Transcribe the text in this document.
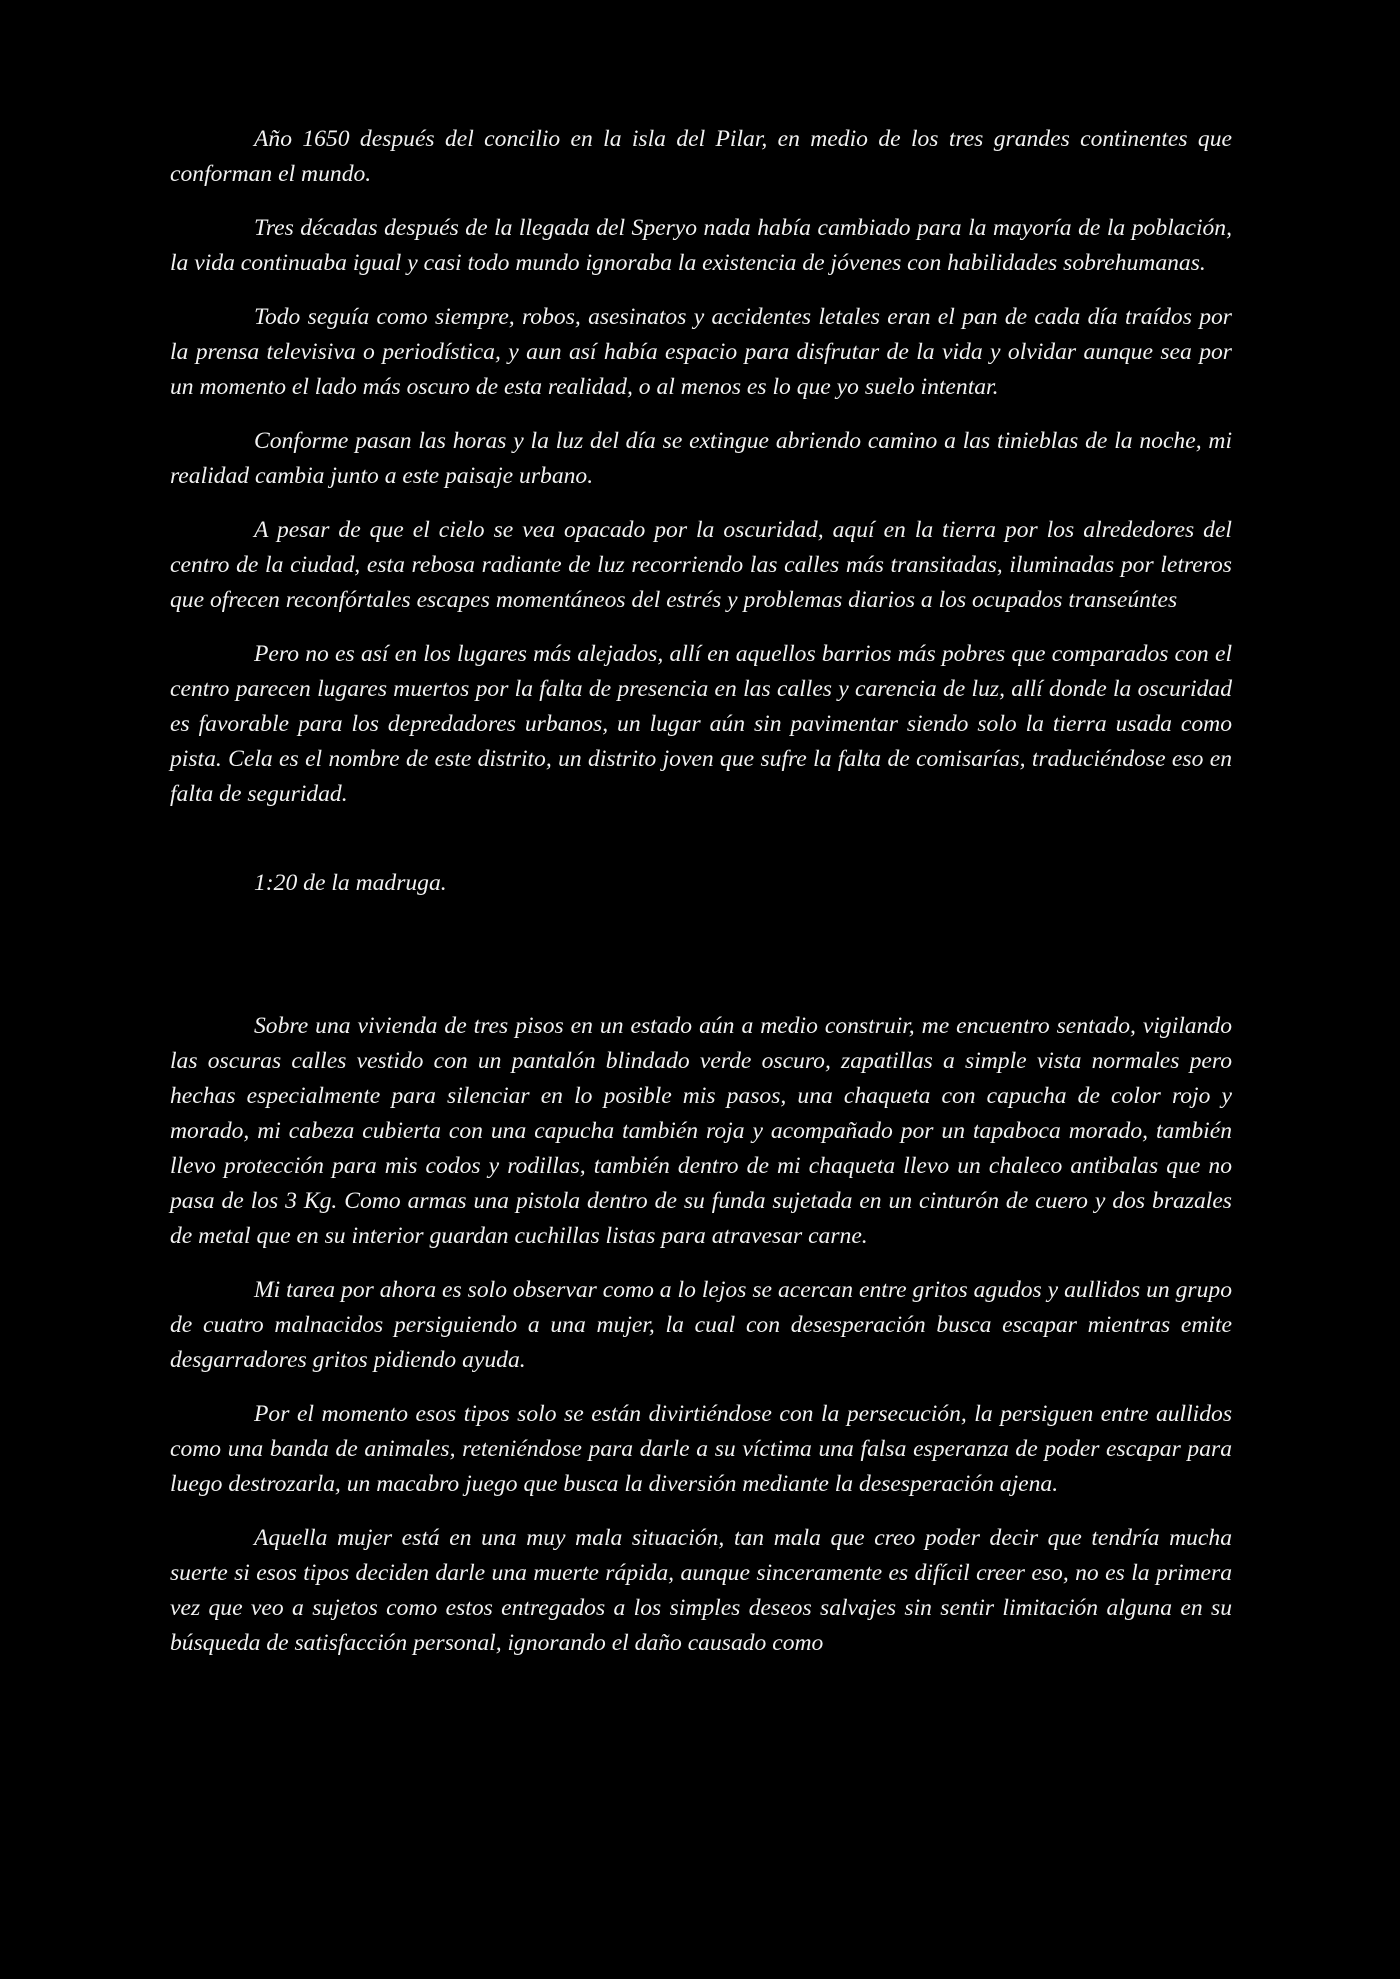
Año 1650 después del concilio en la isla del Pilar, en medio de los tres grandes continentes que conforman el mundo.

Tres décadas después de la llegada del Speryo nada había cambiado para la mayoría de la población, la vida continuaba igual y casi todo mundo ignoraba la existencia de jóvenes con habilidades sobrehumanas.

Todo seguía como siempre, robos, asesinatos y accidentes letales eran el pan de cada día traídos por la prensa televisiva o periodística, y aun así había espacio para disfrutar de la vida y olvidar aunque sea por un momento el lado más oscuro de esta realidad, o al menos es lo que yo suelo intentar.

Conforme pasan las horas y la luz del día se extingue abriendo camino a las tinieblas de la noche, mi realidad cambia junto a este paisaje urbano.

A pesar de que el cielo se vea opacado por la oscuridad, aquí en la tierra por los alrededores del centro de la ciudad, esta rebosa radiante de luz recorriendo las calles más transitadas, iluminadas por letreros que ofrecen reconfórtales escapes momentáneos del estrés y problemas diarios a los ocupados transeúntes

Pero no es así en los lugares más alejados, allí en aquellos barrios más pobres que comparados con el centro parecen lugares muertos por la falta de presencia en las calles y carencia de luz, allí donde la oscuridad es favorable para los depredadores urbanos, un lugar aún sin pavimentar siendo solo la tierra usada como pista. Cela es el nombre de este distrito, un distrito joven que sufre la falta de comisarías, traduciéndose eso en falta de seguridad.

1:20 de la madruga.

Sobre una vivienda de tres pisos en un estado aún a medio construir, me encuentro sentado, vigilando las oscuras calles vestido con un pantalón blindado verde oscuro, zapatillas a simple vista normales pero hechas especialmente para silenciar en lo posible mis pasos, una chaqueta con capucha de color rojo y morado, mi cabeza cubierta con una capucha también roja y acompañado por un tapaboca morado, también llevo protección para mis codos y rodillas, también dentro de mi chaqueta llevo un chaleco antibalas que no pasa de los 3 Kg. Como armas una pistola dentro de su funda sujetada en un cinturón de cuero y dos brazales de metal que en su interior guardan cuchillas listas para atravesar carne.

Mi tarea por ahora es solo observar como a lo lejos se acercan entre gritos agudos y aullidos un grupo de cuatro malnacidos persiguiendo a una mujer, la cual con desesperación busca escapar mientras emite desgarradores gritos pidiendo ayuda.

Por el momento esos tipos solo se están divirtiéndose con la persecución, la persiguen entre aullidos como una banda de animales, reteniéndose para darle a su víctima una falsa esperanza de poder escapar para luego destrozarla, un macabro juego que busca la diversión mediante la desesperación ajena.

Aquella mujer está en una muy mala situación, tan mala que creo poder decir que tendría mucha suerte si esos tipos deciden darle una muerte rápida, aunque sinceramente es difícil creer eso, no es la primera vez que veo a sujetos como estos entregados a los simples deseos salvajes sin sentir limitación alguna en su búsqueda de satisfacción personal, ignorando el daño causado como
